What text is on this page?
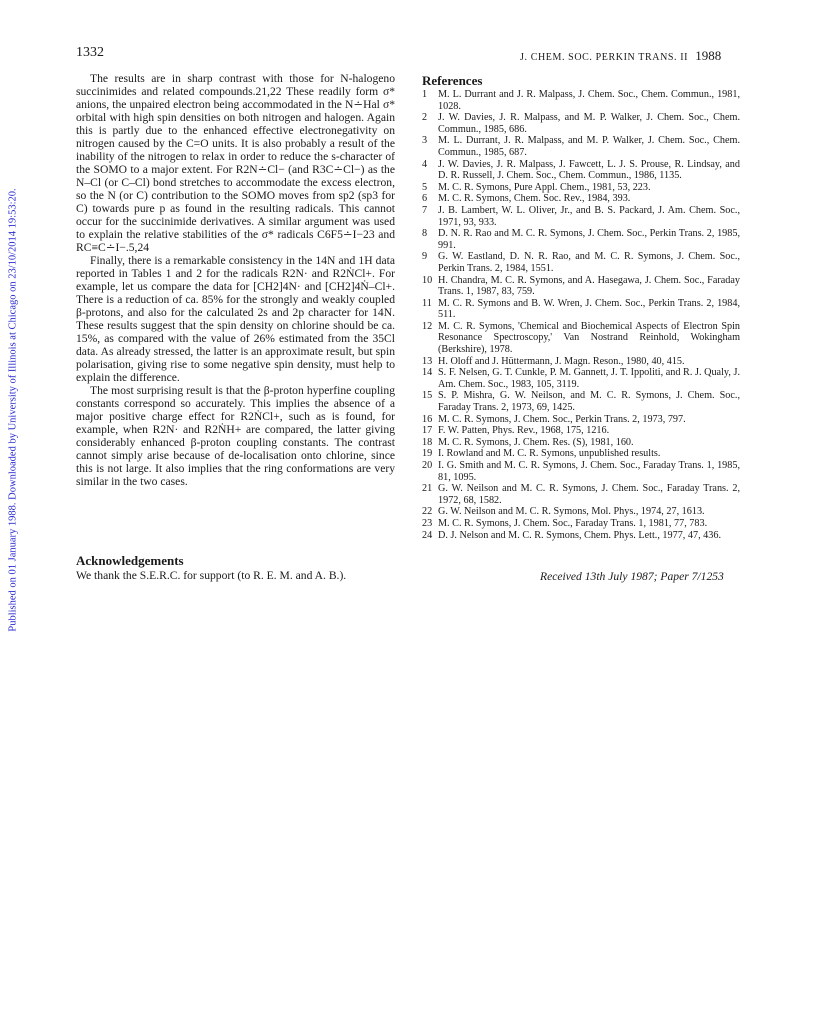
Published on 01 January 1988. Downloaded by University of Illinois at Chicago on 23/10/2014 19:53:20.
1332	J. CHEM. SOC. PERKIN TRANS. II 1988

The results are in sharp contrast with those for N-halogeno succinimides and related compounds.21,22 These readily form σ* anions, the unpaired electron being accommodated in the N∸Hal σ* orbital with high spin densities on both nitrogen and halogen. Again this is partly due to the enhanced effective electronegativity on nitrogen caused by the C=O units. It is also probably a result of the inability of the nitrogen to relax in order to reduce the s-character of the SOMO to a major extent. For R2N∸Cl− (and R3C∸Cl−) as the N–Cl (or C–Cl) bond stretches to accommodate the excess electron, so the N (or C) contribution to the SOMO moves from sp2 (sp3 for C) towards pure p as found in the resulting radicals. This cannot occur for the succinimide derivatives. A similar argument was used to explain the relative stabilities of the σ* radicals C6F5∸I−23 and RC≡C∸I−.5,24

Finally, there is a remarkable consistency in the 14N and 1H data reported in Tables 1 and 2 for the radicals R2N· and R2ṄCl+. For example, let us compare the data for [CH2]4N· and [CH2]4Ṅ–Cl+. There is a reduction of ca. 85% for the strongly and weakly coupled β-protons, and also for the calculated 2s and 2p character for 14N. These results suggest that the spin density on chlorine should be ca. 15%, as compared with the value of 26% estimated from the 35Cl data. As already stressed, the latter is an approximate result, but spin polarisation, giving rise to some negative spin density, must help to explain the difference.

The most surprising result is that the β-proton hyperfine coupling constants correspond so accurately. This implies the absence of a major positive charge effect for R2ṄCl+, such as is found, for example, when R2N· and R2ṄH+ are compared, the latter giving considerably enhanced β-proton coupling constants. The contrast cannot simply arise because of de-localisation onto chlorine, since this is not large. It also implies that the ring conformations are very similar in the two cases.

Acknowledgements
We thank the S.E.R.C. for support (to R. E. M. and A. B.).
References
1	M. L. Durrant and J. R. Malpass, J. Chem. Soc., Chem. Commun., 1981, 1028.
2	J. W. Davies, J. R. Malpass, and M. P. Walker, J. Chem. Soc., Chem. Commun., 1985, 686.
3	M. L. Durrant, J. R. Malpass, and M. P. Walker, J. Chem. Soc., Chem. Commun., 1985, 687.
4	J. W. Davies, J. R. Malpass, J. Fawcett, L. J. S. Prouse, R. Lindsay, and D. R. Russell, J. Chem. Soc., Chem. Commun., 1986, 1135.
5	M. C. R. Symons, Pure Appl. Chem., 1981, 53, 223.
6	M. C. R. Symons, Chem. Soc. Rev., 1984, 393.
7	J. B. Lambert, W. L. Oliver, Jr., and B. S. Packard, J. Am. Chem. Soc., 1971, 93, 933.
8	D. N. R. Rao and M. C. R. Symons, J. Chem. Soc., Perkin Trans. 2, 1985, 991.
9	G. W. Eastland, D. N. R. Rao, and M. C. R. Symons, J. Chem. Soc., Perkin Trans. 2, 1984, 1551.
10 H. Chandra, M. C. R. Symons, and A. Hasegawa, J. Chem. Soc., Faraday Trans. 1, 1987, 83, 759.
11 M. C. R. Symons and B. W. Wren, J. Chem. Soc., Perkin Trans. 2, 1984, 511.
12 M. C. R. Symons, 'Chemical and Biochemical Aspects of Electron Spin Resonance Spectroscopy,' Van Nostrand Reinhold, Wokingham (Berkshire), 1978.
13 H. Oloff and J. Hüttermann, J. Magn. Reson., 1980, 40, 415.
14 S. F. Nelsen, G. T. Cunkle, P. M. Gannett, J. T. Ippoliti, and R. J. Qualy, J. Am. Chem. Soc., 1983, 105, 3119.
15 S. P. Mishra, G. W. Neilson, and M. C. R. Symons, J. Chem. Soc., Faraday Trans. 2, 1973, 69, 1425.
16 M. C. R. Symons, J. Chem. Soc., Perkin Trans. 2, 1973, 797.
17 F. W. Patten, Phys. Rev., 1968, 175, 1216.
18 M. C. R. Symons, J. Chem. Res. (S), 1981, 160.
19 I. Rowland and M. C. R. Symons, unpublished results.
20 I. G. Smith and M. C. R. Symons, J. Chem. Soc., Faraday Trans. 1, 1985, 81, 1095.
21 G. W. Neilson and M. C. R. Symons, J. Chem. Soc., Faraday Trans. 2, 1972, 68, 1582.
22 G. W. Neilson and M. C. R. Symons, Mol. Phys., 1974, 27, 1613.
23 M. C. R. Symons, J. Chem. Soc., Faraday Trans. 1, 1981, 77, 783.
24 D. J. Nelson and M. C. R. Symons, Chem. Phys. Lett., 1977, 47, 436.
Received 13th July 1987; Paper 7/1253
